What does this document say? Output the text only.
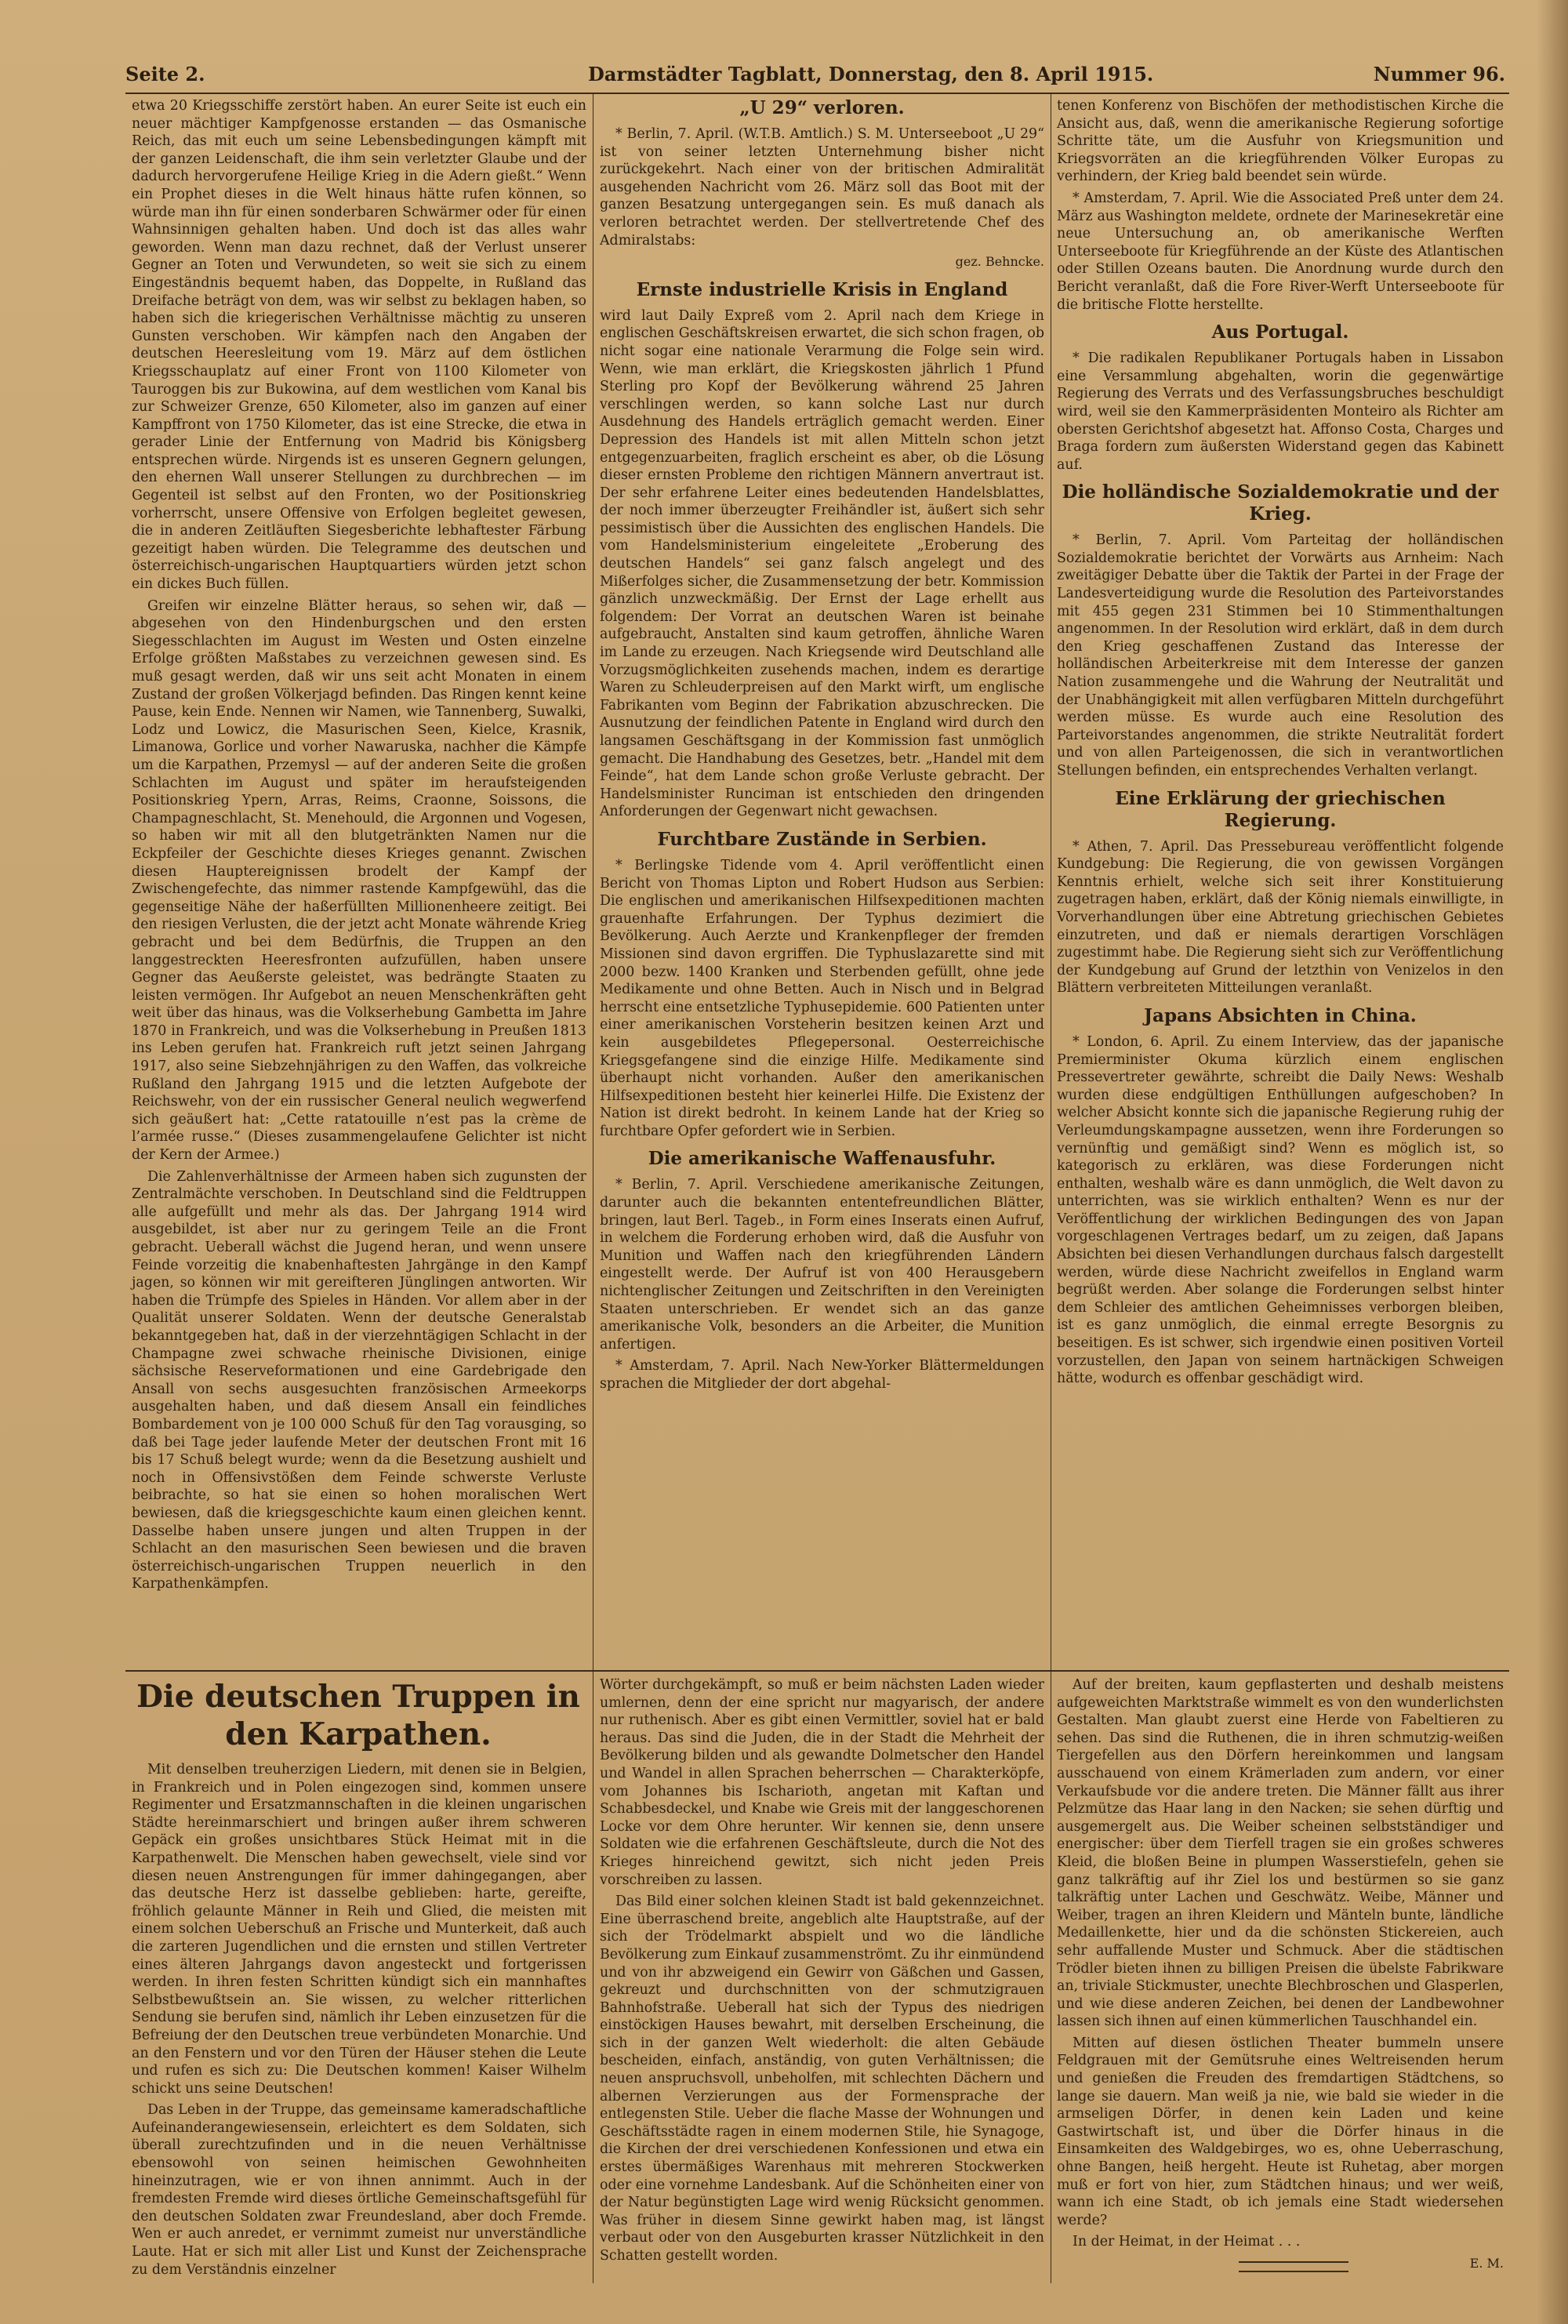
Seite 2.	Darmstädter Tagblatt, Donnerstag, den 8. April 1915.	Nummer 96.

etwa 20 Kriegsschiffe zerstört haben. An eurer Seite ist euch ein neuer mächtiger Kampfgenosse erstanden — das Osmanische Reich, das mit euch um seine Lebensbedingungen kämpft mit der ganzen Leidenschaft, die ihm sein verletzter Glaube und der dadurch hervorgerufene Heilige Krieg in die Adern gießt.“ Wenn ein Prophet dieses in die Welt hinaus hätte rufen können, so würde man ihn für einen sonderbaren Schwärmer oder für einen Wahnsinnigen gehalten haben. Und doch ist das alles wahr geworden. Wenn man dazu rechnet, daß der Verlust unserer Gegner an Toten und Verwundeten, so weit sie sich zu einem Eingeständnis bequemt haben, das Doppelte, in Rußland das Dreifache beträgt von dem, was wir selbst zu beklagen haben, so haben sich die kriegerischen Verhältnisse mächtig zu unseren Gunsten verschoben. Wir kämpfen nach den Angaben der deutschen Heeresleitung vom 19. März auf dem östlichen Kriegsschauplatz auf einer Front von 1100 Kilometer von Tauroggen bis zur Bukowina, auf dem westlichen vom Kanal bis zur Schweizer Grenze, 650 Kilometer, also im ganzen auf einer Kampffront von 1750 Kilometer, das ist eine Strecke, die etwa in gerader Linie der Entfernung von Madrid bis Königsberg entsprechen würde. Nirgends ist es unseren Gegnern gelungen, den ehernen Wall unserer Stellungen zu durchbrechen — im Gegenteil ist selbst auf den Fronten, wo der Positionskrieg vorherrscht, unsere Offensive von Erfolgen begleitet gewesen, die in anderen Zeitläuften Siegesberichte lebhaftester Färbung gezeitigt haben würden. Die Telegramme des deutschen und österreichisch-ungarischen Hauptquartiers würden jetzt schon ein dickes Buch füllen.

Greifen wir einzelne Blätter heraus, so sehen wir, daß — abgesehen von den Hindenburgschen und den ersten Siegesschlachten im August im Westen und Osten einzelne Erfolge größten Maßstabes zu verzeichnen gewesen sind. Es muß gesagt werden, daß wir uns seit acht Monaten in einem Zustand der großen Völkerjagd befinden. Das Ringen kennt keine Pause, kein Ende. Nennen wir Namen, wie Tannenberg, Suwalki, Lodz und Lowicz, die Masurischen Seen, Kielce, Krasnik, Limanowa, Gorlice und vorher Nawaruska, nachher die Kämpfe um die Karpathen, Przemysl — auf der anderen Seite die großen Schlachten im August und später im heraufsteigenden Positionskrieg Ypern, Arras, Reims, Craonne, Soissons, die Champagneschlacht, St. Menehould, die Argonnen und Vogesen, so haben wir mit all den blutgetränkten Namen nur die Eckpfeiler der Geschichte dieses Krieges genannt. Zwischen diesen Hauptereignissen brodelt der Kampf der Zwischengefechte, das nimmer rastende Kampfgewühl, das die gegenseitige Nähe der haßerfüllten Millionenheere zeitigt. Bei den riesigen Verlusten, die der jetzt acht Monate währende Krieg gebracht und bei dem Bedürfnis, die Truppen an den langgestreckten Heeresfronten aufzufüllen, haben unsere Gegner das Aeußerste geleistet, was bedrängte Staaten zu leisten vermögen. Ihr Aufgebot an neuen Menschenkräften geht weit über das hinaus, was die Volkserhebung Gambetta im Jahre 1870 in Frankreich, und was die Volkserhebung in Preußen 1813 ins Leben gerufen hat. Frankreich ruft jetzt seinen Jahrgang 1917, also seine Siebzehnjährigen zu den Waffen, das volkreiche Rußland den Jahrgang 1915 und die letzten Aufgebote der Reichswehr, von der ein russischer General neulich wegwerfend sich geäußert hat: „Cette ratatouille n’est pas la crème de l’armée russe.“ (Dieses zusammengelaufene Gelichter ist nicht der Kern der Armee.)

Die Zahlenverhältnisse der Armeen haben sich zugunsten der Zentralmächte verschoben. In Deutschland sind die Feldtruppen alle aufgefüllt und mehr als das. Der Jahrgang 1914 wird ausgebildet, ist aber nur zu geringem Teile an die Front gebracht. Ueberall wächst die Jugend heran, und wenn unsere Feinde vorzeitig die knabenhaftesten Jahrgänge in den Kampf jagen, so können wir mit gereifteren Jünglingen antworten. Wir haben die Trümpfe des Spieles in Händen. Vor allem aber in der Qualität unserer Soldaten. Wenn der deutsche Generalstab bekanntgegeben hat, daß in der vierzehntägigen Schlacht in der Champagne zwei schwache rheinische Divisionen, einige sächsische Reserveformationen und eine Gardebrigade den Ansall von sechs ausgesuchten französischen Armeekorps ausgehalten haben, und daß diesem Ansall ein feindliches Bombardement von je 100 000 Schuß für den Tag vorausging, so daß bei Tage jeder laufende Meter der deutschen Front mit 16 bis 17 Schuß belegt wurde; wenn da die Besetzung aushielt und noch in Offensivstößen dem Feinde schwerste Verluste beibrachte, so hat sie einen so hohen moralischen Wert bewiesen, daß die kriegsgeschichte kaum einen gleichen kennt. Dasselbe haben unsere jungen und alten Truppen in der Schlacht an den masurischen Seen bewiesen und die braven österreichisch-ungarischen Truppen neuerlich in den Karpathenkämpfen.

„U 29“ verloren.

* Berlin, 7. April. (W.T.B. Amtlich.) S. M. Unterseeboot „U 29“ ist von seiner letzten Unternehmung bisher nicht zurückgekehrt. Nach einer von der britischen Admiralität ausgehenden Nachricht vom 26. März soll das Boot mit der ganzen Besatzung untergegangen sein. Es muß danach als verloren betrachtet werden. Der stellvertretende Chef des Admiralstabs:

gez. Behncke.
Ernste industrielle Krisis in England

wird laut Daily Expreß vom 2. April nach dem Kriege in englischen Geschäftskreisen erwartet, die sich schon fragen, ob nicht sogar eine nationale Verarmung die Folge sein wird. Wenn, wie man erklärt, die Kriegskosten jährlich 1 Pfund Sterling pro Kopf der Bevölkerung während 25 Jahren verschlingen werden, so kann solche Last nur durch Ausdehnung des Handels erträglich gemacht werden. Einer Depression des Handels ist mit allen Mitteln schon jetzt entgegenzuarbeiten, fraglich erscheint es aber, ob die Lösung dieser ernsten Probleme den richtigen Männern anvertraut ist. Der sehr erfahrene Leiter eines bedeutenden Handelsblattes, der noch immer überzeugter Freihändler ist, äußert sich sehr pessimistisch über die Aussichten des englischen Handels. Die vom Handelsministerium eingeleitete „Eroberung des deutschen Handels“ sei ganz falsch angelegt und des Mißerfolges sicher, die Zusammensetzung der betr. Kommission gänzlich unzweckmäßig. Der Ernst der Lage erhellt aus folgendem: Der Vorrat an deutschen Waren ist beinahe aufgebraucht, Anstalten sind kaum getroffen, ähnliche Waren im Lande zu erzeugen. Nach Kriegsende wird Deutschland alle Vorzugsmöglichkeiten zusehends machen, indem es derartige Waren zu Schleuderpreisen auf den Markt wirft, um englische Fabrikanten vom Beginn der Fabrikation abzuschrecken. Die Ausnutzung der feindlichen Patente in England wird durch den langsamen Geschäftsgang in der Kommission fast unmöglich gemacht. Die Handhabung des Gesetzes, betr. „Handel mit dem Feinde“, hat dem Lande schon große Verluste gebracht. Der Handelsminister Runciman ist entschieden den dringenden Anforderungen der Gegenwart nicht gewachsen.

Furchtbare Zustände in Serbien.

* Berlingske Tidende vom 4. April veröffentlicht einen Bericht von Thomas Lipton und Robert Hudson aus Serbien: Die englischen und amerikanischen Hilfsexpeditionen machten grauenhafte Erfahrungen. Der Typhus dezimiert die Bevölkerung. Auch Aerzte und Krankenpfleger der fremden Missionen sind davon ergriffen. Die Typhuslazarette sind mit 2000 bezw. 1400 Kranken und Sterbenden gefüllt, ohne jede Medikamente und ohne Betten. Auch in Nisch und in Belgrad herrscht eine entsetzliche Typhusepidemie. 600 Patienten unter einer amerikanischen Vorsteherin besitzen keinen Arzt und kein ausgebildetes Pflegepersonal. Oesterreichische Kriegsgefangene sind die einzige Hilfe. Medikamente sind überhaupt nicht vorhanden. Außer den amerikanischen Hilfsexpeditionen besteht hier keinerlei Hilfe. Die Existenz der Nation ist direkt bedroht. In keinem Lande hat der Krieg so furchtbare Opfer gefordert wie in Serbien.

Die amerikanische Waffenausfuhr.

* Berlin, 7. April. Verschiedene amerikanische Zeitungen, darunter auch die bekannten ententefreundlichen Blätter, bringen, laut Berl. Tageb., in Form eines Inserats einen Aufruf, in welchem die Forderung erhoben wird, daß die Ausfuhr von Munition und Waffen nach den kriegführenden Ländern eingestellt werde. Der Aufruf ist von 400 Herausgebern nichtenglischer Zeitungen und Zeitschriften in den Vereinigten Staaten unterschrieben. Er wendet sich an das ganze amerikanische Volk, besonders an die Arbeiter, die Munition anfertigen.

* Amsterdam, 7. April. Nach New-Yorker Blättermeldungen sprachen die Mitglieder der dort abgehal-

tenen Konferenz von Bischöfen der methodistischen Kirche die Ansicht aus, daß, wenn die amerikanische Regierung sofortige Schritte täte, um die Ausfuhr von Kriegsmunition und Kriegsvorräten an die kriegführenden Völker Europas zu verhindern, der Krieg bald beendet sein würde.

* Amsterdam, 7. April. Wie die Associated Preß unter dem 24. März aus Washington meldete, ordnete der Marinesekretär eine neue Untersuchung an, ob amerikanische Werften Unterseeboote für Kriegführende an der Küste des Atlantischen oder Stillen Ozeans bauten. Die Anordnung wurde durch den Bericht veranlaßt, daß die Fore River-Werft Unterseeboote für die britische Flotte herstellte.

Aus Portugal.

* Die radikalen Republikaner Portugals haben in Lissabon eine Versammlung abgehalten, worin die gegenwärtige Regierung des Verrats und des Verfassungsbruches beschuldigt wird, weil sie den Kammerpräsidenten Monteiro als Richter am obersten Gerichtshof abgesetzt hat. Affonso Costa, Charges und Braga fordern zum äußersten Widerstand gegen das Kabinett auf.

Die holländische Sozialdemokratie und der Krieg.

* Berlin, 7. April. Vom Parteitag der holländischen Sozialdemokratie berichtet der Vorwärts aus Arnheim: Nach zweitägiger Debatte über die Taktik der Partei in der Frage der Landesverteidigung wurde die Resolution des Parteivorstandes mit 455 gegen 231 Stimmen bei 10 Stimmenthaltungen angenommen. In der Resolution wird erklärt, daß in dem durch den Krieg geschaffenen Zustand das Interesse der holländischen Arbeiterkreise mit dem Interesse der ganzen Nation zusammengehe und die Wahrung der Neutralität und der Unabhängigkeit mit allen verfügbaren Mitteln durchgeführt werden müsse. Es wurde auch eine Resolution des Parteivorstandes angenommen, die strikte Neutralität fordert und von allen Parteigenossen, die sich in verantwortlichen Stellungen befinden, ein entsprechendes Verhalten verlangt.

Eine Erklärung der griechischen Regierung.

* Athen, 7. April. Das Pressebureau veröffentlicht folgende Kundgebung: Die Regierung, die von gewissen Vorgängen Kenntnis erhielt, welche sich seit ihrer Konstituierung zugetragen haben, erklärt, daß der König niemals einwilligte, in Vorverhandlungen über eine Abtretung griechischen Gebietes einzutreten, und daß er niemals derartigen Vorschlägen zugestimmt habe. Die Regierung sieht sich zur Veröffentlichung der Kundgebung auf Grund der letzthin von Venizelos in den Blättern verbreiteten Mitteilungen veranlaßt.

Japans Absichten in China.

* London, 6. April. Zu einem Interview, das der japanische Premierminister Okuma kürzlich einem englischen Pressevertreter gewährte, schreibt die Daily News: Weshalb wurden diese endgültigen Enthüllungen aufgeschoben? In welcher Absicht konnte sich die japanische Regierung ruhig der Verleumdungskampagne aussetzen, wenn ihre Forderungen so vernünftig und gemäßigt sind? Wenn es möglich ist, so kategorisch zu erklären, was diese Forderungen nicht enthalten, weshalb wäre es dann unmöglich, die Welt davon zu unterrichten, was sie wirklich enthalten? Wenn es nur der Veröffentlichung der wirklichen Bedingungen des von Japan vorgeschlagenen Vertrages bedarf, um zu zeigen, daß Japans Absichten bei diesen Verhandlungen durchaus falsch dargestellt werden, würde diese Nachricht zweifellos in England warm begrüßt werden. Aber solange die Forderungen selbst hinter dem Schleier des amtlichen Geheimnisses verborgen bleiben, ist es ganz unmöglich, die einmal erregte Besorgnis zu beseitigen. Es ist schwer, sich irgendwie einen positiven Vorteil vorzustellen, den Japan von seinem hartnäckigen Schweigen hätte, wodurch es offenbar geschädigt wird.

Die deutschen Truppen in den Karpathen.

Mit denselben treuherzigen Liedern, mit denen sie in Belgien, in Frankreich und in Polen eingezogen sind, kommen unsere Regimenter und Ersatzmannschaften in die kleinen ungarischen Städte hereinmarschiert und bringen außer ihrem schweren Gepäck ein großes unsichtbares Stück Heimat mit in die Karpathenwelt. Die Menschen haben gewechselt, viele sind vor diesen neuen Anstrengungen für immer dahingegangen, aber das deutsche Herz ist dasselbe geblieben: harte, gereifte, fröhlich gelaunte Männer in Reih und Glied, die meisten mit einem solchen Ueberschuß an Frische und Munterkeit, daß auch die zarteren Jugendlichen und die ernsten und stillen Vertreter eines älteren Jahrgangs davon angesteckt und fortgerissen werden. In ihren festen Schritten kündigt sich ein mannhaftes Selbstbewußtsein an. Sie wissen, zu welcher ritterlichen Sendung sie berufen sind, nämlich ihr Leben einzusetzen für die Befreiung der den Deutschen treue verbündeten Monarchie. Und an den Fenstern und vor den Türen der Häuser stehen die Leute und rufen es sich zu: Die Deutschen kommen! Kaiser Wilhelm schickt uns seine Deutschen!

Das Leben in der Truppe, das gemeinsame kameradschaftliche Aufeinanderangewiesensein, erleichtert es dem Soldaten, sich überall zurechtzufinden und in die neuen Verhältnisse ebensowohl von seinen heimischen Gewohnheiten hineinzutragen, wie er von ihnen annimmt. Auch in der fremdesten Fremde wird dieses örtliche Gemeinschaftsgefühl für den deutschen Soldaten zwar Freundesland, aber doch Fremde. Wen er auch anredet, er vernimmt zumeist nur unverständliche Laute. Hat er sich mit aller List und Kunst der Zeichensprache zu dem Verständnis einzelner

Wörter durchgekämpft, so muß er beim nächsten Laden wieder umlernen, denn der eine spricht nur magyarisch, der andere nur ruthenisch. Aber es gibt einen Vermittler, soviel hat er bald heraus. Das sind die Juden, die in der Stadt die Mehrheit der Bevölkerung bilden und als gewandte Dolmetscher den Handel und Wandel in allen Sprachen beherrschen — Charakterköpfe, vom Johannes bis Ischarioth, angetan mit Kaftan und Schabbesdeckel, und Knabe wie Greis mit der langgeschorenen Locke vor dem Ohre herunter. Wir kennen sie, denn unsere Soldaten wie die erfahrenen Geschäftsleute, durch die Not des Krieges hinreichend gewitzt, sich nicht jeden Preis vorschreiben zu lassen.

Das Bild einer solchen kleinen Stadt ist bald gekennzeichnet. Eine überraschend breite, angeblich alte Hauptstraße, auf der sich der Trödelmarkt abspielt und wo die ländliche Bevölkerung zum Einkauf zusammenströmt. Zu ihr einmündend und von ihr abzweigend ein Gewirr von Gäßchen und Gassen, gekreuzt und durchschnitten von der schmutzigrauen Bahnhofstraße. Ueberall hat sich der Typus des niedrigen einstöckigen Hauses bewahrt, mit derselben Erscheinung, die sich in der ganzen Welt wiederholt: die alten Gebäude bescheiden, einfach, anständig, von guten Verhältnissen; die neuen anspruchsvoll, unbeholfen, mit schlechten Dächern und albernen Verzierungen aus der Formensprache der entlegensten Stile. Ueber die flache Masse der Wohnungen und Geschäftsstädte ragen in einem modernen Stile, hie Synagoge, die Kirchen der drei verschiedenen Konfessionen und etwa ein erstes übermäßiges Warenhaus mit mehreren Stockwerken oder eine vornehme Landesbank. Auf die Schönheiten einer von der Natur begünstigten Lage wird wenig Rücksicht genommen. Was früher in diesem Sinne gewirkt haben mag, ist längst verbaut oder von den Ausgeburten krasser Nützlichkeit in den Schatten gestellt worden.

Auf der breiten, kaum gepflasterten und deshalb meistens aufgeweichten Marktstraße wimmelt es von den wunderlichsten Gestalten. Man glaubt zuerst eine Herde von Fabeltieren zu sehen. Das sind die Ruthenen, die in ihren schmutzig-weißen Tiergefellen aus den Dörfern hereinkommen und langsam ausschauend von einem Krämerladen zum andern, vor einer Verkaufsbude vor die andere treten. Die Männer fällt aus ihrer Pelzmütze das Haar lang in den Nacken; sie sehen dürftig und ausgemergelt aus. Die Weiber scheinen selbstständiger und energischer: über dem Tierfell tragen sie ein großes schweres Kleid, die bloßen Beine in plumpen Wasserstiefeln, gehen sie ganz talkräftig auf ihr Ziel los und bestürmen so sie ganz talkräftig unter Lachen und Geschwätz. Weibe, Männer und Weiber, tragen an ihren Kleidern und Mänteln bunte, ländliche Medaillenkette, hier und da die schönsten Stickereien, auch sehr auffallende Muster und Schmuck. Aber die städtischen Trödler bieten ihnen zu billigen Preisen die übelste Fabrikware an, triviale Stickmuster, unechte Blechbroschen und Glasperlen, und wie diese anderen Zeichen, bei denen der Landbewohner lassen sich ihnen auf einen kümmerlichen Tauschhandel ein.

Mitten auf diesen östlichen Theater bummeln unsere Feldgrauen mit der Gemütsruhe eines Weltreisenden herum und genießen die Freuden des fremdartigen Städtchens, so lange sie dauern. Man weiß ja nie, wie bald sie wieder in die armseligen Dörfer, in denen kein Laden und keine Gastwirtschaft ist, und über die Dörfer hinaus in die Einsamkeiten des Waldgebirges, wo es, ohne Ueberraschung, ohne Bangen, heiß hergeht. Heute ist Ruhetag, aber morgen muß er fort von hier, zum Städtchen hinaus; und wer weiß, wann ich eine Stadt, ob ich jemals eine Stadt wiedersehen werde?

In der Heimat, in der Heimat . . .

E. M.
